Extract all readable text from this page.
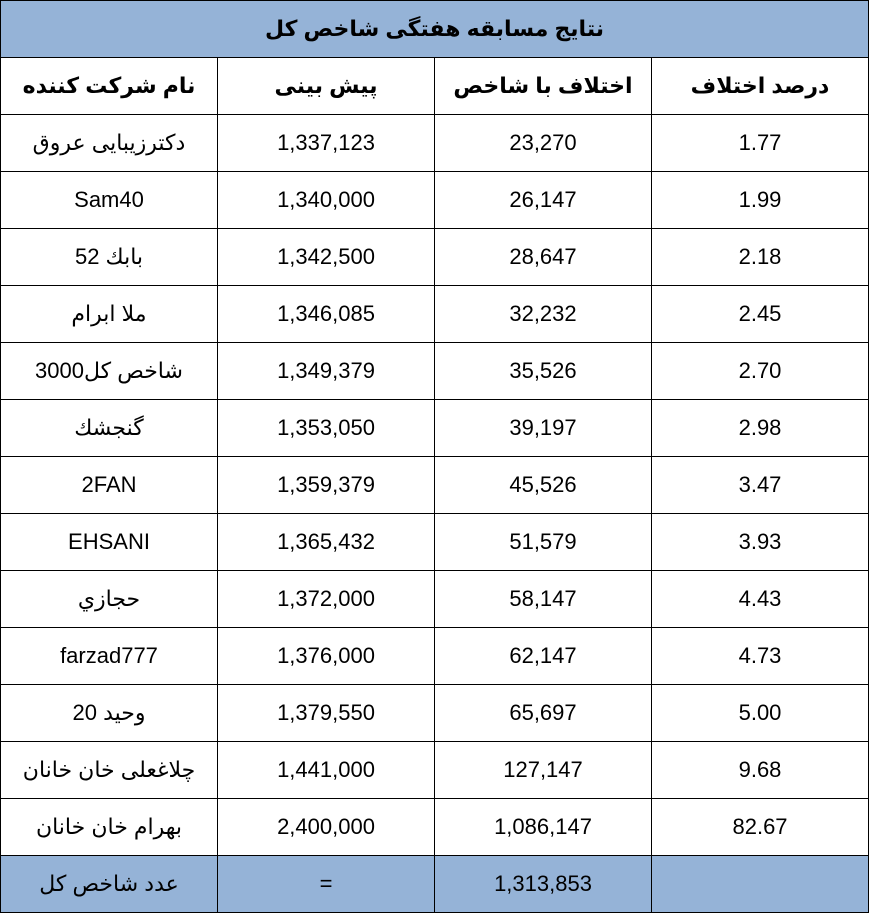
نتایج مسابقه هفتگی شاخص کل			
نام شرکت کننده	پیش بینی	اختلاف با شاخص	درصد اختلاف
دکترزیبایی عروق	1,337,123	23,270	1.77
Sam40	1,340,000	26,147	1.99
بابك 52	1,342,500	28,647	2.18
ملا ابرام	1,346,085	32,232	2.45
شاخص كل3000	1,349,379	35,526	2.70
گنجشك	1,353,050	39,197	2.98
2FAN	1,359,379	45,526	3.47
EHSANI	1,365,432	51,579	3.93
حجازي	1,372,000	58,147	4.43
farzad777	1,376,000	62,147	4.73
وحيد 20	1,379,550	65,697	5.00
چلاغعلی خان خانان	1,441,000	127,147	9.68
بهرام خان خانان	2,400,000	1,086,147	82.67
عدد شاخص کل	=	1,313,853	
